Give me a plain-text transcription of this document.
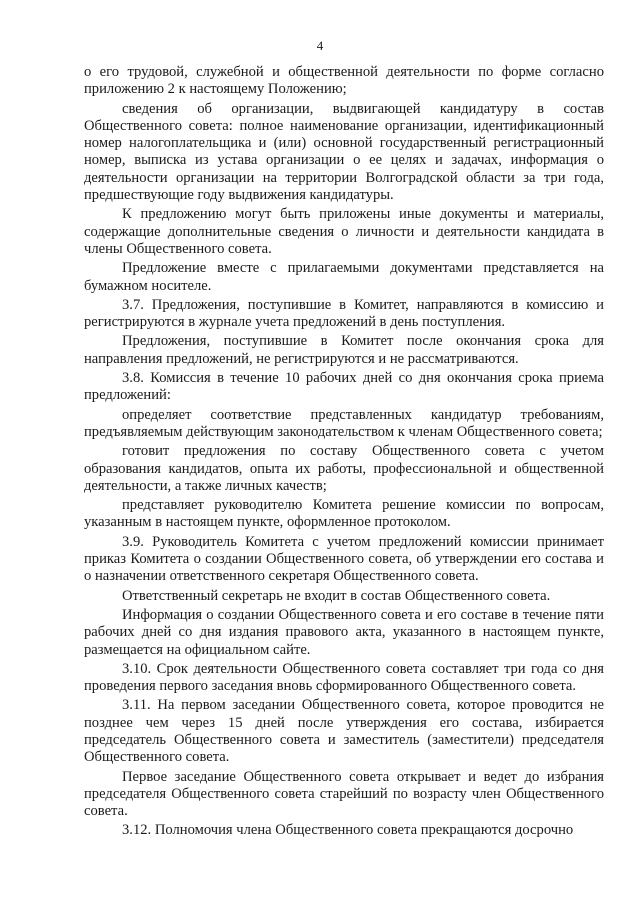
4

о его трудовой, служебной и общественной деятельности по форме согласно приложению 2 к настоящему Положению;

сведения об организации, выдвигающей кандидатуру в состав Общественного совета: полное наименование организации, идентификационный номер налогоплательщика и (или) основной государственный регистрационный номер, выписка из устава организации о ее целях и задачах, информация о деятельности организации на территории Волгоградской области за три года, предшествующие году выдвижения кандидатуры.

К предложению могут быть приложены иные документы и материалы, содержащие дополнительные сведения о личности и деятельности кандидата в члены Общественного совета.

Предложение вместе с прилагаемыми документами представляется на бумажном носителе.

3.7. Предложения, поступившие в Комитет, направляются в комиссию и регистрируются в журнале учета предложений в день поступления.

Предложения, поступившие в Комитет после окончания срока для направления предложений, не регистрируются и не рассматриваются.

3.8. Комиссия в течение 10 рабочих дней со дня окончания срока приема предложений:

определяет соответствие представленных кандидатур требованиям, предъявляемым действующим законодательством к членам Общественного совета;

готовит предложения по составу Общественного совета с учетом образования кандидатов, опыта их работы, профессиональной и общественной деятельности, а также личных качеств;

представляет руководителю Комитета решение комиссии по вопросам, указанным в настоящем пункте, оформленное протоколом.

3.9. Руководитель Комитета с учетом предложений комиссии принимает приказ Комитета о создании Общественного совета, об утверждении его состава и о назначении ответственного секретаря Общественного совета.

Ответственный секретарь не входит в состав Общественного совета.

Информация о создании Общественного совета и его составе в течение пяти рабочих дней со дня издания правового акта, указанного в настоящем пункте, размещается на официальном сайте.

3.10. Срок деятельности Общественного совета составляет три года со дня проведения первого заседания вновь сформированного Общественного совета.

3.11. На первом заседании Общественного совета, которое проводится не позднее чем через 15 дней после утверждения его состава, избирается председатель Общественного совета и заместитель (заместители) председателя Общественного совета.

Первое заседание Общественного совета открывает и ведет до избрания председателя Общественного совета старейший по возрасту член Общественного совета.

3.12. Полномочия члена Общественного совета прекращаются досрочно
